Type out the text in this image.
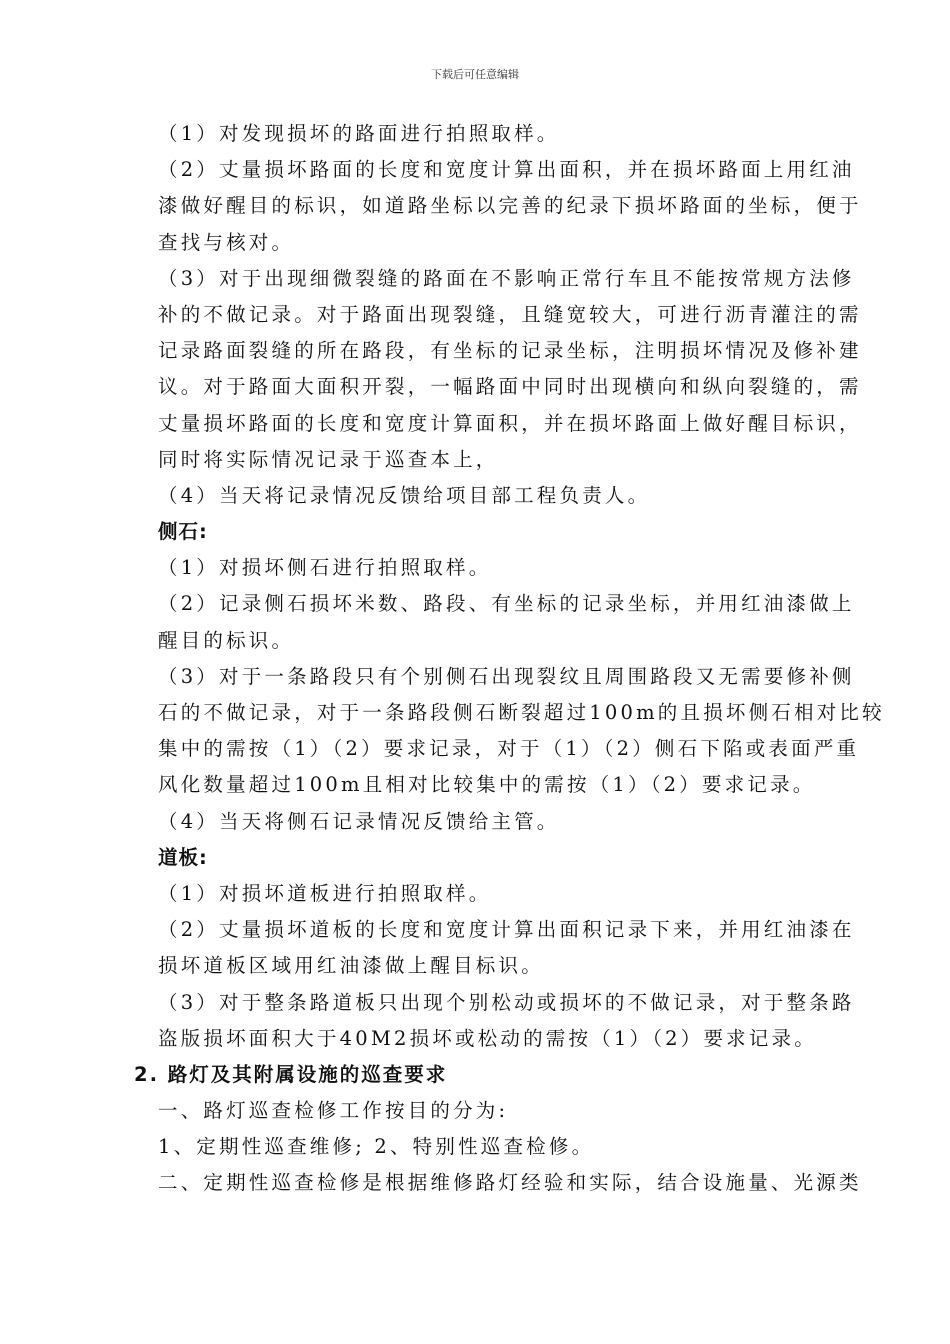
下载后可任意编辑
（1）对发现损坏的路面进行拍照取样。
（2）丈量损坏路面的长度和宽度计算出面积，并在损坏路面上用红油
漆做好醒目的标识，如道路坐标以完善的纪录下损坏路面的坐标，便于
查找与核对。
（3）对于出现细微裂缝的路面在不影响正常行车且不能按常规方法修
补的不做记录。对于路面出现裂缝，且缝宽较大，可进行沥青灌注的需
记录路面裂缝的所在路段，有坐标的记录坐标，注明损坏情况及修补建
议。对于路面大面积开裂，一幅路面中同时出现横向和纵向裂缝的，需
丈量损坏路面的长度和宽度计算面积，并在损坏路面上做好醒目标识，
同时将实际情况记录于巡查本上，
（4）当天将记录情况反馈给项目部工程负责人。
侧石:
（1）对损坏侧石进行拍照取样。
（2）记录侧石损坏米数、路段、有坐标的记录坐标，并用红油漆做上
醒目的标识。
（3）对于一条路段只有个别侧石出现裂纹且周围路段又无需要修补侧
石的不做记录，对于一条路段侧石断裂超过100m的且损坏侧石相对比较
集中的需按（1）（2）要求记录，对于（1）（2）侧石下陷或表面严重
风化数量超过100m且相对比较集中的需按（1）（2）要求记录。
（4）当天将侧石记录情况反馈给主管。
道板:
（1）对损坏道板进行拍照取样。
（2）丈量损坏道板的长度和宽度计算出面积记录下来，并用红油漆在
损坏道板区域用红油漆做上醒目标识。
（3）对于整条路道板只出现个别松动或损坏的不做记录，对于整条路
盗版损坏面积大于40M2损坏或松动的需按（1）（2）要求记录。
2. 路灯及其附属设施的巡查要求
一、路灯巡查检修工作按目的分为:
1、定期性巡查维修; 2、特别性巡查检修。
二、定期性巡查检修是根据维修路灯经验和实际，结合设施量、光源类
